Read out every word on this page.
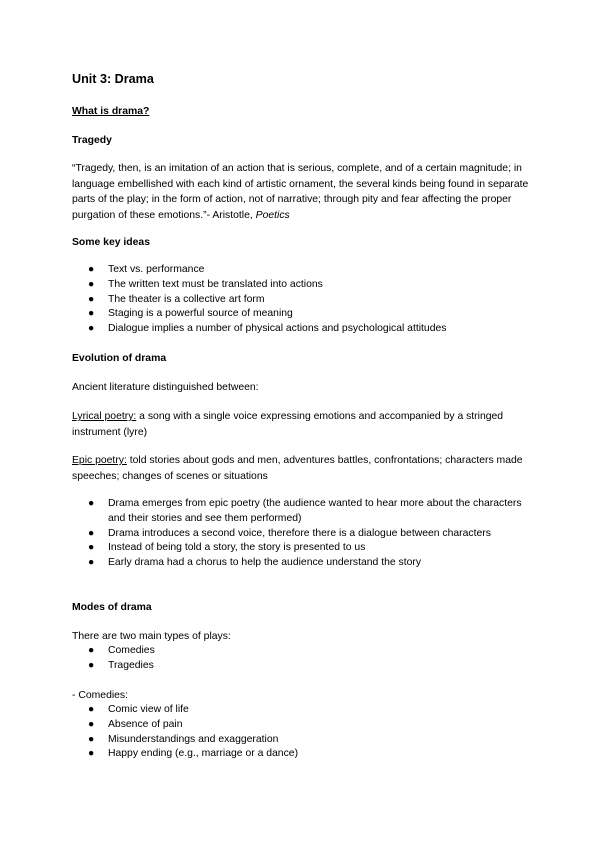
Unit 3: Drama
What is drama?
Tragedy
“Tragedy, then, is an imitation of an action that is serious, complete, and of a certain magnitude; in language embellished with each kind of artistic ornament, the several kinds being found in separate parts of the play; in the form of action, not of narrative; through pity and fear affecting the proper purgation of these emotions.”- Aristotle, Poetics
Some key ideas
● Text vs. performance
● The written text must be translated into actions
● The theater is a collective art form
● Staging is a powerful source of meaning
● Dialogue implies a number of physical actions and psychological attitudes
Evolution of drama
Ancient literature distinguished between:
Lyrical poetry: a song with a single voice expressing emotions and accompanied by a stringed instrument (lyre)
Epic poetry: told stories about gods and men, adventures battles, confrontations; characters made speeches; changes of scenes or situations
● Drama emerges from epic poetry (the audience wanted to hear more about the characters and their stories and see them performed)
● Drama introduces a second voice, therefore there is a dialogue between characters
● Instead of being told a story, the story is presented to us
● Early drama had a chorus to help the audience understand the story
Modes of drama
There are two main types of plays:
● Comedies
● Tragedies
- Comedies:
● Comic view of life
● Absence of pain
● Misunderstandings and exaggeration
● Happy ending (e.g., marriage or a dance)
